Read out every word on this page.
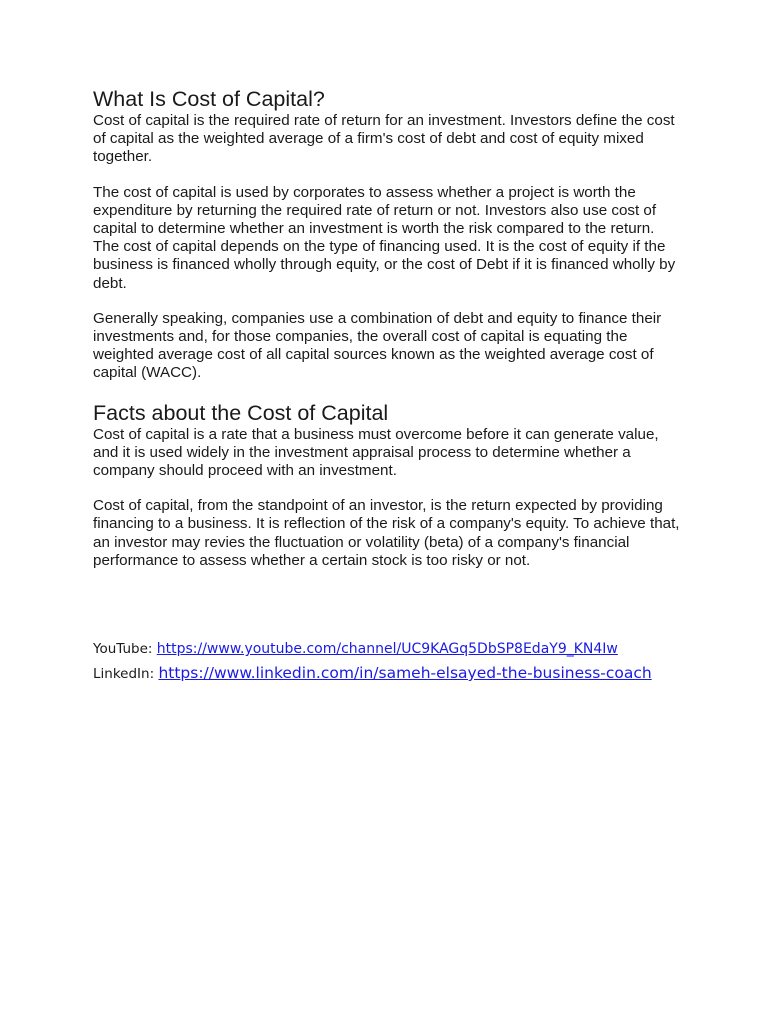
What Is Cost of Capital?

Cost of capital is the required rate of return for an investment. Investors define the cost of capital as the weighted average of a firm's cost of debt and cost of equity mixed together.

The cost of capital is used by corporates to assess whether a project is worth the expenditure by returning the required rate of return or not. Investors also use cost of capital to determine whether an investment is worth the risk compared to the return. The cost of capital depends on the type of financing used. It is the cost of equity if the business is financed wholly through equity, or the cost of Debt if it is financed wholly by debt.

Generally speaking, companies use a combination of debt and equity to finance their investments and, for those companies, the overall cost of capital is equating the weighted average cost of all capital sources known as the weighted average cost of capital (WACC).

Facts about the Cost of Capital

Cost of capital is a rate that a business must overcome before it can generate value, and it is used widely in the investment appraisal process to determine whether a company should proceed with an investment.

Cost of capital, from the standpoint of an investor, is the return expected by providing financing to a business. It is reflection of the risk of a company's equity. To achieve that, an investor may revies the fluctuation or volatility (beta) of a company's financial performance to assess whether a certain stock is too risky or not.

YouTube: https://www.youtube.com/channel/UC9KAGq5DbSP8EdaY9_KN4Iw
LinkedIn: https://www.linkedin.com/in/sameh-elsayed-the-business-coach
